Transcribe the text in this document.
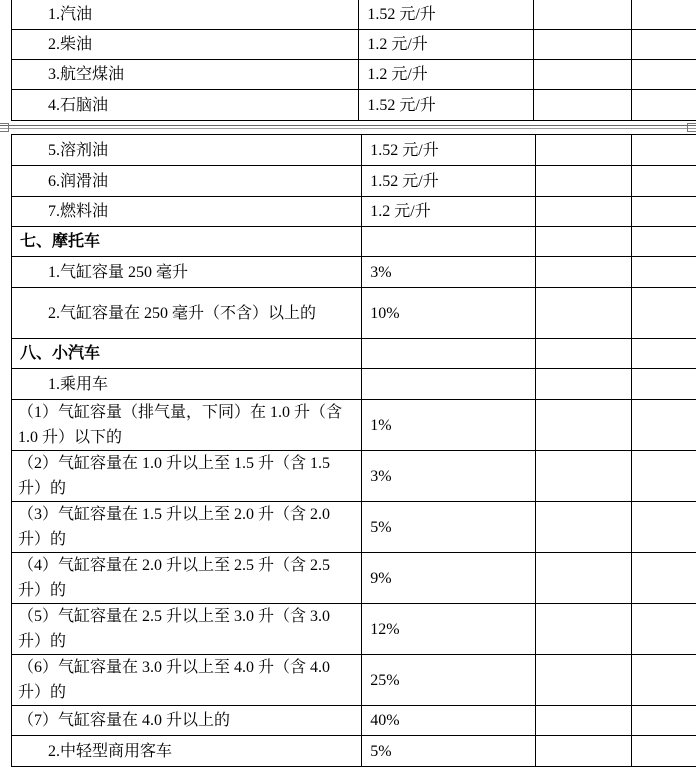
1.汽油	1.52 元/升		
2.柴油	1.2 元/升		
3.航空煤油	1.2 元/升		
4.石脑油	1.52 元/升		
5.溶剂油	1.52 元/升		
6.润滑油	1.52 元/升		
7.燃料油	1.2 元/升		
七、摩托车			
1.气缸容量 250 毫升	3%		
2.气缸容量在 250 毫升（不含）以上的	10%		
八、小汽车			
1.乘用车			
（1）气缸容量（排气量，下同）在 1.0 升（含 1.0 升）以下的	1%		
（2）气缸容量在 1.0 升以上至 1.5 升（含 1.5 升）的	3%		
（3）气缸容量在 1.5 升以上至 2.0 升（含 2.0 升）的	5%		
（4）气缸容量在 2.0 升以上至 2.5 升（含 2.5 升）的	9%		
（5）气缸容量在 2.5 升以上至 3.0 升（含 3.0 升）的	12%		
（6）气缸容量在 3.0 升以上至 4.0 升（含 4.0 升）的	25%		
（7）气缸容量在 4.0 升以上的	40%		
2.中轻型商用客车	5%		
